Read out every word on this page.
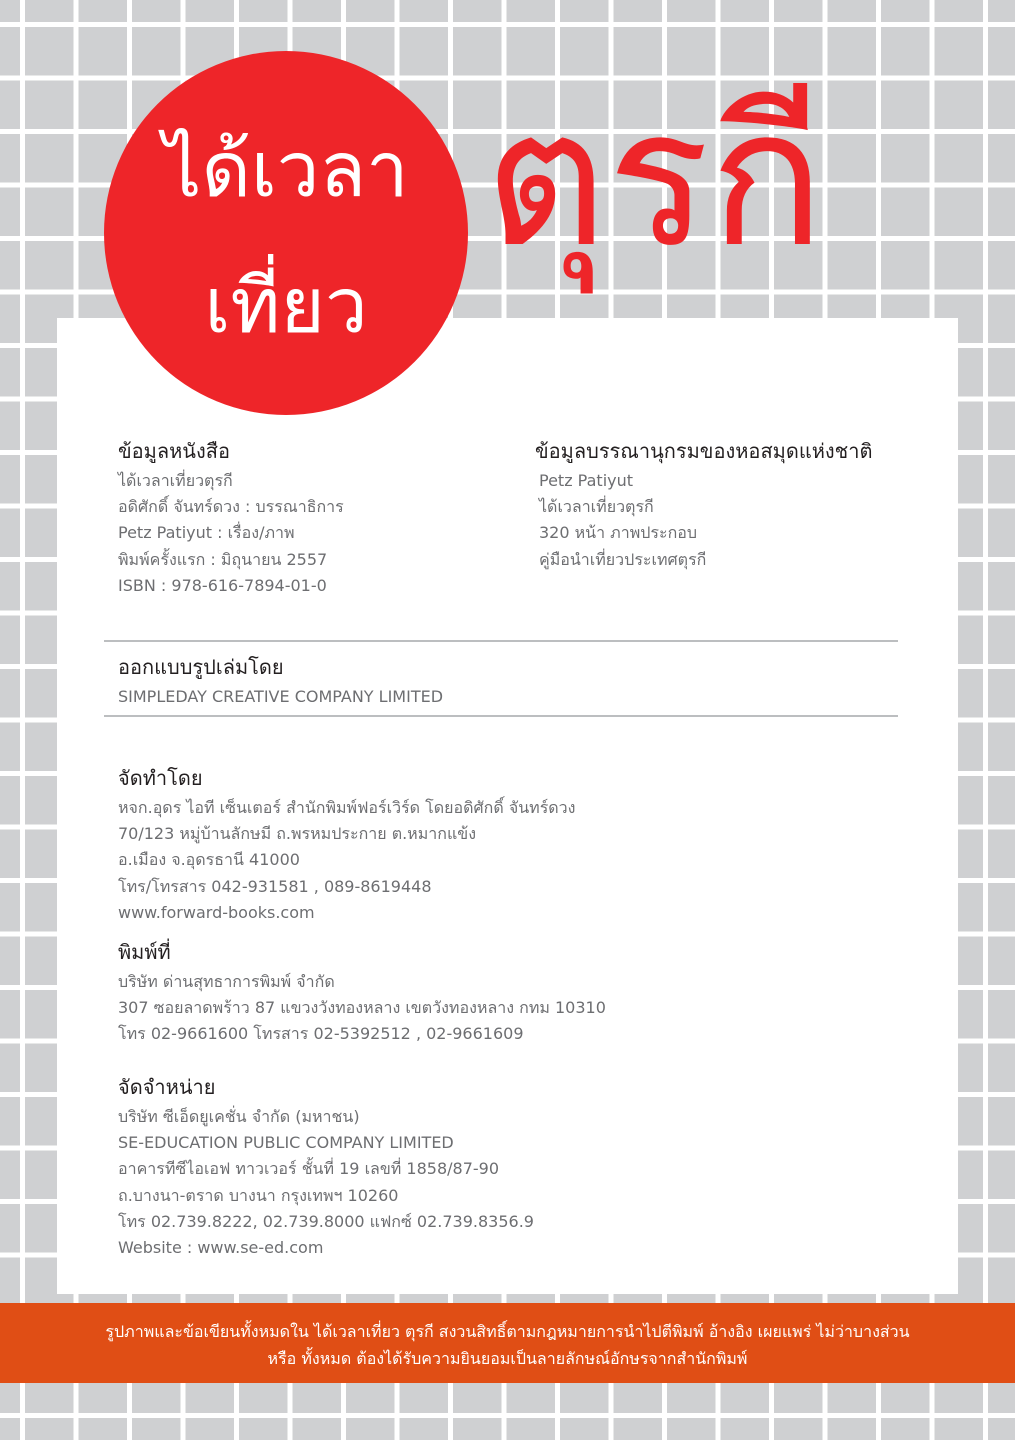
ได้เวลา
เที่ยว
ตุรกี
ข้อมูลหนังสือ
ได้เวลาเที่ยวตุรกี
อดิศักดิ์ จันทร์ดวง : บรรณาธิการ
Petz Patiyut : เรื่อง/ภาพ
พิมพ์ครั้งแรก : มิถุนายน 2557
ISBN : 978-616-7894-01-0
ข้อมูลบรรณานุกรมของหอสมุดแห่งชาติ
Petz Patiyut
ได้เวลาเที่ยวตุรกี
320 หน้า ภาพประกอบ
คู่มือนำเที่ยวประเทศตุรกี
ออกแบบรูปเล่มโดย
SIMPLEDAY CREATIVE COMPANY LIMITED
จัดทำโดย
หจก.อุดร ไอที เซ็นเตอร์ สำนักพิมพ์ฟอร์เวิร์ด โดยอดิศักดิ์ จันทร์ดวง
70/123 หมู่บ้านลักษมี ถ.พรหมประกาย ต.หมากแข้ง
อ.เมือง จ.อุดรธานี 41000
โทร/โทรสาร 042-931581 , 089-8619448
www.forward-books.com
พิมพ์ที่
บริษัท ด่านสุทธาการพิมพ์ จำกัด
307 ซอยลาดพร้าว 87 แขวงวังทองหลาง เขตวังทองหลาง กทม 10310
โทร 02-9661600 โทรสาร 02-5392512 , 02-9661609
จัดจำหน่าย
บริษัท ซีเอ็ดยูเคชั่น จำกัด (มหาชน)
SE-EDUCATION PUBLIC COMPANY LIMITED
อาคารทีซีไอเอฟ ทาวเวอร์ ชั้นที่ 19 เลขที่ 1858/87-90
ถ.บางนา-ตราด บางนา กรุงเทพฯ 10260
โทร 02.739.8222, 02.739.8000 แฟกซ์ 02.739.8356.9
Website : www.se-ed.com
รูปภาพและข้อเขียนทั้งหมดใน ได้เวลาเที่ยว ตุรกี สงวนสิทธิ์ตามกฎหมายการนำไปตีพิมพ์ อ้างอิง เผยแพร่ ไม่ว่าบางส่วน
หรือ ทั้งหมด ต้องได้รับความยินยอมเป็นลายลักษณ์อักษรจากสำนักพิมพ์
